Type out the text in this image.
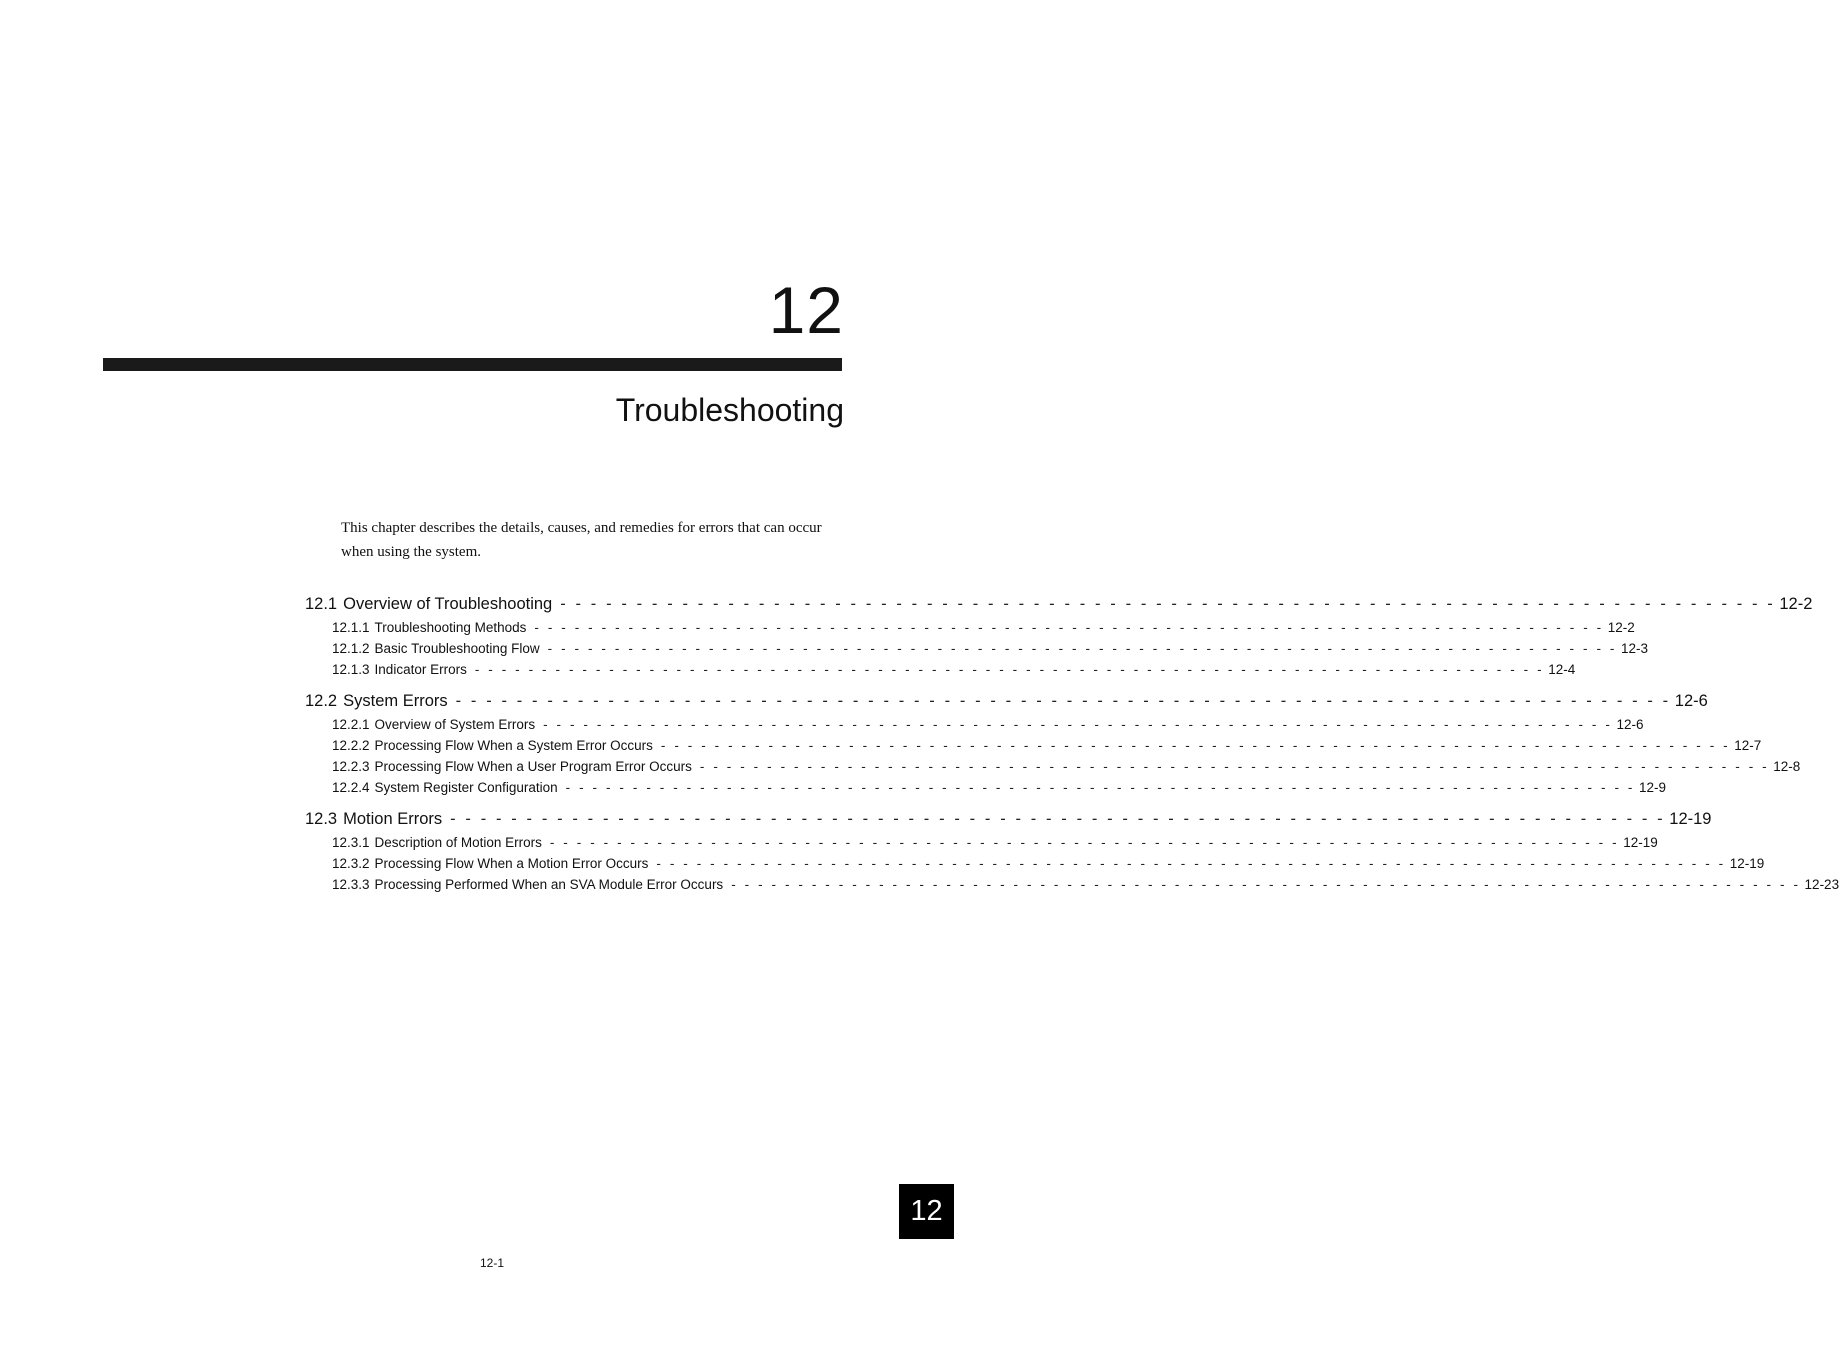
12
Troubleshooting
This chapter describes the details, causes, and remedies for errors that can occur when using the system.
12.1 Overview of Troubleshooting - - - - - - - - - - - - - - - - - - - - - - - - - - - - - - - - - - - - - - - - - - - - - - - - - - - - - - - - - - - - - - - - - - - - - - - - - - - - - - - - 12-2
12.1.1 Troubleshooting Methods - - - - - - - - - - - - - - - - - - - - - - - - - - - - - - - - - - - - - - - - - - - - - - - - - - - - - - - - - - - - - - - - - - - - - - - - - - - - - - - - 12-2
12.1.2 Basic Troubleshooting Flow - - - - - - - - - - - - - - - - - - - - - - - - - - - - - - - - - - - - - - - - - - - - - - - - - - - - - - - - - - - - - - - - - - - - - - - - - - - - - - - - 12-3
12.1.3 Indicator Errors - - - - - - - - - - - - - - - - - - - - - - - - - - - - - - - - - - - - - - - - - - - - - - - - - - - - - - - - - - - - - - - - - - - - - - - - - - - - - - - - 12-4
12.2 System Errors - - - - - - - - - - - - - - - - - - - - - - - - - - - - - - - - - - - - - - - - - - - - - - - - - - - - - - - - - - - - - - - - - - - - - - - - - - - - - - - - 12-6
12.2.1 Overview of System Errors - - - - - - - - - - - - - - - - - - - - - - - - - - - - - - - - - - - - - - - - - - - - - - - - - - - - - - - - - - - - - - - - - - - - - - - - - - - - - - - - 12-6
12.2.2 Processing Flow When a System Error Occurs - - - - - - - - - - - - - - - - - - - - - - - - - - - - - - - - - - - - - - - - - - - - - - - - - - - - - - - - - - - - - - - - - - - - - - - - - - - - - - - - 12-7
12.2.3 Processing Flow When a User Program Error Occurs - - - - - - - - - - - - - - - - - - - - - - - - - - - - - - - - - - - - - - - - - - - - - - - - - - - - - - - - - - - - - - - - - - - - - - - - - - - - - - - - 12-8
12.2.4 System Register Configuration - - - - - - - - - - - - - - - - - - - - - - - - - - - - - - - - - - - - - - - - - - - - - - - - - - - - - - - - - - - - - - - - - - - - - - - - - - - - - - - - 12-9
12.3 Motion Errors - - - - - - - - - - - - - - - - - - - - - - - - - - - - - - - - - - - - - - - - - - - - - - - - - - - - - - - - - - - - - - - - - - - - - - - - - - - - - - - - 12-19
12.3.1 Description of Motion Errors - - - - - - - - - - - - - - - - - - - - - - - - - - - - - - - - - - - - - - - - - - - - - - - - - - - - - - - - - - - - - - - - - - - - - - - - - - - - - - - - 12-19
12.3.2 Processing Flow When a Motion Error Occurs - - - - - - - - - - - - - - - - - - - - - - - - - - - - - - - - - - - - - - - - - - - - - - - - - - - - - - - - - - - - - - - - - - - - - - - - - - - - - - - - 12-19
12.3.3 Processing Performed When an SVA Module Error Occurs - - - - - - - - - - - - - - - - - - - - - - - - - - - - - - - - - - - - - - - - - - - - - - - - - - - - - - - - - - - - - - - - - - - - - - - - - - - - - - - - 12-23
12
12-1
